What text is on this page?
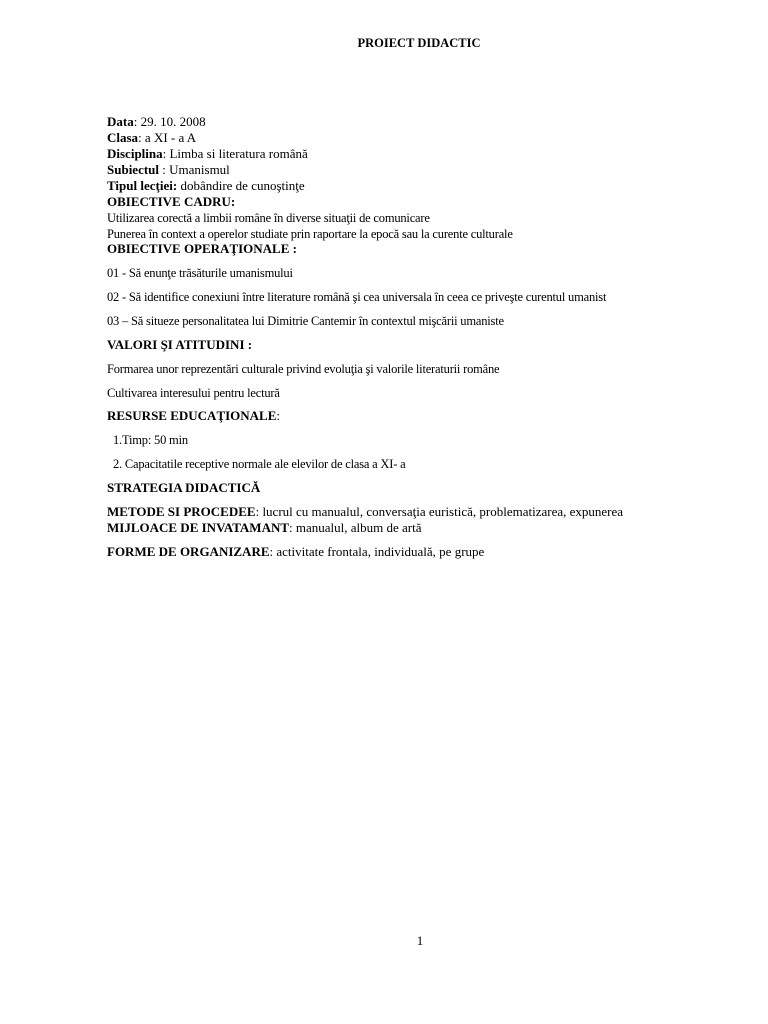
PROIECT DIDACTIC
Data: 29. 10. 2008
Clasa: a XI - a A
Disciplina: Limba si literatura română
Subiectul : Umanismul
Tipul lecţiei: dobândire de cunoştinţe
OBIECTIVE CADRU:
Utilizarea corectă a limbii române în diverse situaţii de comunicare
Punerea în context a operelor studiate prin raportare la epocă sau la curente culturale
OBIECTIVE OPERAŢIONALE :
01 - Să enunţe trăsăturile umanismului
02 - Să identifice conexiuni între literature română şi cea universala în ceea ce priveşte curentul umanist
03 – Să situeze personalitatea lui Dimitrie Cantemir în contextul mişcării umaniste
VALORI ŞI ATITUDINI :
Formarea unor reprezentări culturale privind evoluţia şi valorile literaturii române
Cultivarea interesului pentru lectură
RESURSE EDUCAŢIONALE:
1.Timp: 50 min
2. Capacitatile receptive normale ale elevilor de clasa a XI- a
STRATEGIA DIDACTICĂ
METODE SI PROCEDEE: lucrul cu manualul, conversaţia euristică, problematizarea, expunerea
MIJLOACE DE INVATAMANT: manualul, album de artă
FORME DE ORGANIZARE: activitate frontala, individuală, pe grupe
1
